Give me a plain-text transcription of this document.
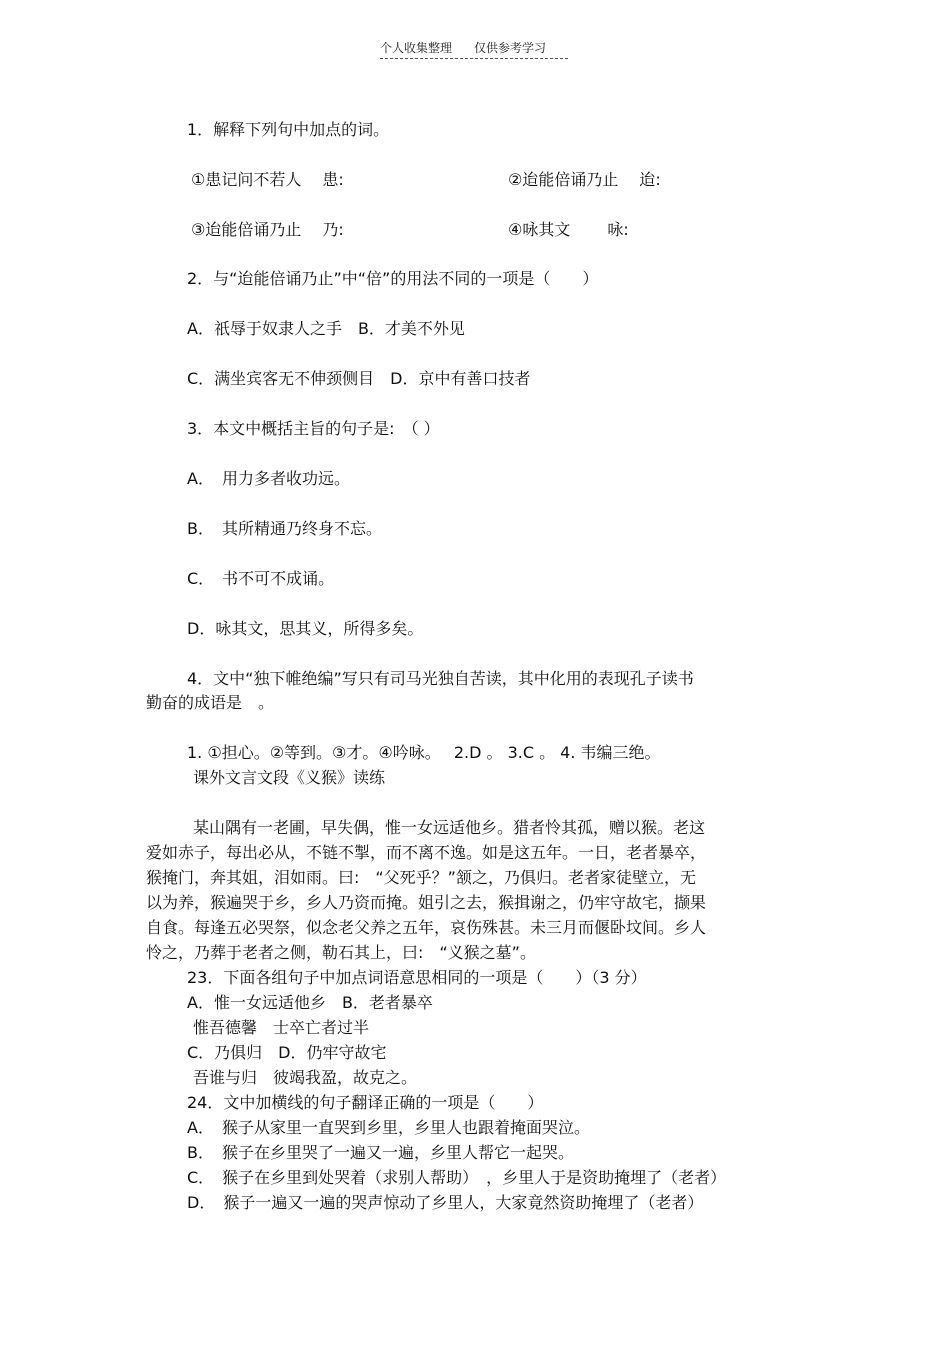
个人收集整理 仅供参考学习
1．解释下列句中加点的词。
①患记问不若人　 患:	②迨能倍诵乃止　 迨:
③迨能倍诵乃止　 乃:	④咏其文　　 咏:
2．与“迨能倍诵乃止”中“倍”的用法不同的一项是（　　）
A．祇辱于奴隶人之手　B．才美不外见
C．满坐宾客无不伸颈侧目　D．京中有善口技者
3．本文中概括主旨的句子是:　（ ）
A．　用力多者收功远。
B．　其所精通乃终身不忘。
C．　书不可不成诵。
D．咏其文，思其义，所得多矣。
4．文中“独下帷绝编”写只有司马光独自苦读，其中化用的表现孔子读书
勤奋的成语是　。
1. ①担心。②等到。③才。④吟咏。　 2.D 。 3.C 。 4. 韦编三绝。
课外文言文段《义猴》读练
某山隅有一老圃，早失偶，惟一女远适他乡。猎者怜其孤，赠以猴。老这
爱如赤子，每出必从，不链不掣，而不离不逸。如是这五年。一日，老者暴卒，
猴掩门，奔其姐，泪如雨。曰:　“父死乎？”颔之，乃俱归。老者家徒壁立，无
以为养，猴遍哭于乡，乡人乃资而掩。姐引之去，猴揖谢之，仍牢守故宅，撷果
自食。每逢五必哭祭，似念老父养之五年，哀伤殊甚。未三月而偃卧坟间。乡人
怜之，乃葬于老者之侧，勒石其上，曰:　“义猴之墓”。
23．下面各组句子中加点词语意思相同的一项是（　　）（3 分）
A．惟一女远适他乡　B．老者暴卒
惟吾德馨　士卒亡者过半
C．乃俱归　D．仍牢守故宅
吾谁与归　彼竭我盈，故克之。
24．文中加横线的句子翻译正确的一项是（　　）
A．　猴子从家里一直哭到乡里，乡里人也跟着掩面哭泣。
B．　猴子在乡里哭了一遍又一遍，乡里人帮它一起哭。
C．　猴子在乡里到处哭着（求别人帮助）　，乡里人于是资助掩埋了（老者）
D．　猴子一遍又一遍的哭声惊动了乡里人，大家竟然资助掩埋了（老者）
